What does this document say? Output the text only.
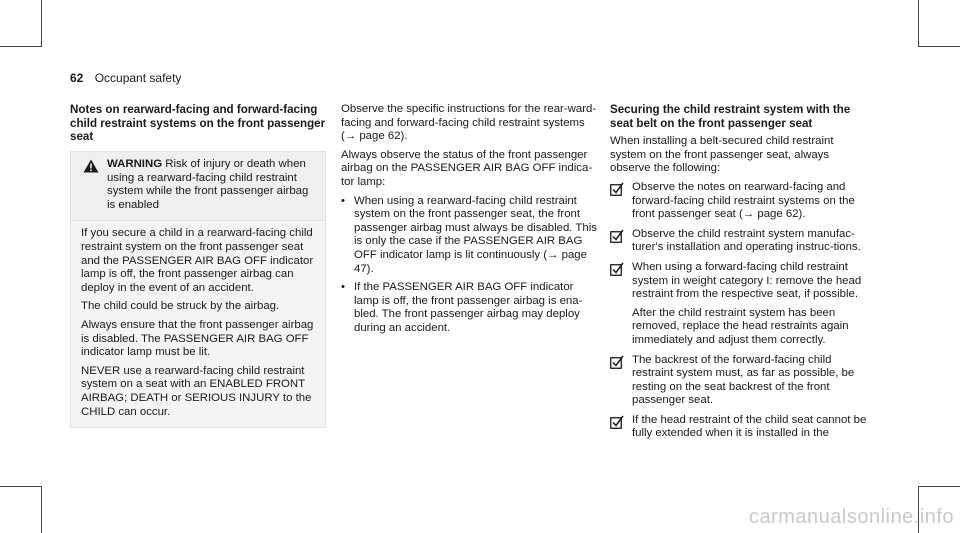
62 Occupant safety
Notes on rearward-facing and forward-facing child restraint systems on the front passenger seat
WARNING Risk of injury or death when using a rearward-facing child restraint system while the front passenger airbag is enabled

If you secure a child in a rearward-facing child restraint system on the front passenger seat and the PASSENGER AIR BAG OFF indicator lamp is off, the front passenger airbag can deploy in the event of an accident.

The child could be struck by the airbag.

Always ensure that the front passenger airbag is disabled. The PASSENGER AIR BAG OFF indicator lamp must be lit.

NEVER use a rearward-facing child restraint system on a seat with an ENABLED FRONT AIRBAG; DEATH or SERIOUS INJURY to the CHILD can occur.

Observe the specific instructions for the rear-ward-facing and forward-facing child restraint systems (→ page 62).

Always observe the status of the front passenger airbag on the PASSENGER AIR BAG OFF indica-tor lamp:

• When using a rearward-facing child restraint system on the front passenger seat, the front passenger airbag must always be disabled. This is only the case if the PASSENGER AIR BAG OFF indicator lamp is lit continuously (→ page 47).
• If the PASSENGER AIR BAG OFF indicator lamp is off, the front passenger airbag is ena-bled. The front passenger airbag may deploy during an accident.
Securing the child restraint system with the seat belt on the front passenger seat

When installing a belt-secured child restraint system on the front passenger seat, always observe the following:

Observe the notes on rearward-facing and forward-facing child restraint systems on the front passenger seat (→ page 62).
Observe the child restraint system manufac-turer's installation and operating instruc-tions.
When using a forward-facing child restraint system in weight category I: remove the head restraint from the respective seat, if possible.

After the child restraint system has been removed, replace the head restraints again immediately and adjust them correctly.

The backrest of the forward-facing child restraint system must, as far as possible, be resting on the seat backrest of the front passenger seat.
If the head restraint of the child seat cannot be fully extended when it is installed in the
carmanualsonline.info
